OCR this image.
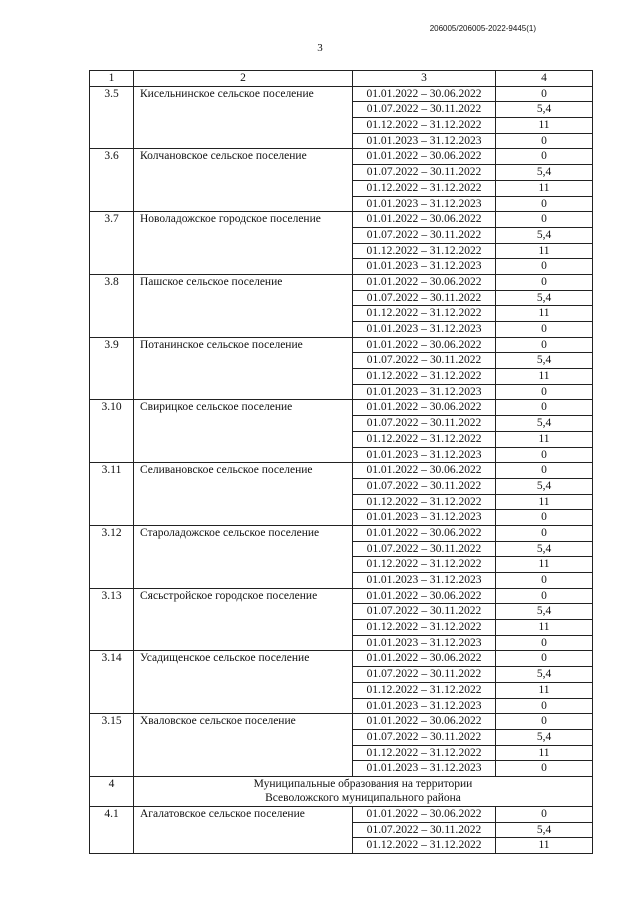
206005/206005-2022-9445(1)
3
1	2	3	4
3.5	Кисельнинское сельское поселение	01.01.2022 – 30.06.2022	0
		01.07.2022 – 30.11.2022	5,4
		01.12.2022 – 31.12.2022	11
		01.01.2023 – 31.12.2023	0
3.6	Колчановское сельское поселение	01.01.2022 – 30.06.2022	0
		01.07.2022 – 30.11.2022	5,4
		01.12.2022 – 31.12.2022	11
		01.01.2023 – 31.12.2023	0
3.7	Новоладожское городское поселение	01.01.2022 – 30.06.2022	0
		01.07.2022 – 30.11.2022	5,4
		01.12.2022 – 31.12.2022	11
		01.01.2023 – 31.12.2023	0
3.8	Пашское сельское поселение	01.01.2022 – 30.06.2022	0
		01.07.2022 – 30.11.2022	5,4
		01.12.2022 – 31.12.2022	11
		01.01.2023 – 31.12.2023	0
3.9	Потанинское сельское поселение	01.01.2022 – 30.06.2022	0
		01.07.2022 – 30.11.2022	5,4
		01.12.2022 – 31.12.2022	11
		01.01.2023 – 31.12.2023	0
3.10	Свирицкое сельское поселение	01.01.2022 – 30.06.2022	0
		01.07.2022 – 30.11.2022	5,4
		01.12.2022 – 31.12.2022	11
		01.01.2023 – 31.12.2023	0
3.11	Селивановское сельское поселение	01.01.2022 – 30.06.2022	0
		01.07.2022 – 30.11.2022	5,4
		01.12.2022 – 31.12.2022	11
		01.01.2023 – 31.12.2023	0
3.12	Староладожское сельское поселение	01.01.2022 – 30.06.2022	0
		01.07.2022 – 30.11.2022	5,4
		01.12.2022 – 31.12.2022	11
		01.01.2023 – 31.12.2023	0
3.13	Сясьстройское городское поселение	01.01.2022 – 30.06.2022	0
		01.07.2022 – 30.11.2022	5,4
		01.12.2022 – 31.12.2022	11
		01.01.2023 – 31.12.2023	0
3.14	Усадищенское сельское поселение	01.01.2022 – 30.06.2022	0
		01.07.2022 – 30.11.2022	5,4
		01.12.2022 – 31.12.2022	11
		01.01.2023 – 31.12.2023	0
3.15	Хваловское сельское поселение	01.01.2022 – 30.06.2022	0
		01.07.2022 – 30.11.2022	5,4
		01.12.2022 – 31.12.2022	11
		01.01.2023 – 31.12.2023	0
4	Муниципальные образования на территории
Всеволожского муниципального района		

4.1	Агалатовское сельское поселение	01.01.2022 – 30.06.2022	0
		01.07.2022 – 30.11.2022	5,4
		01.12.2022 – 31.12.2022	11
